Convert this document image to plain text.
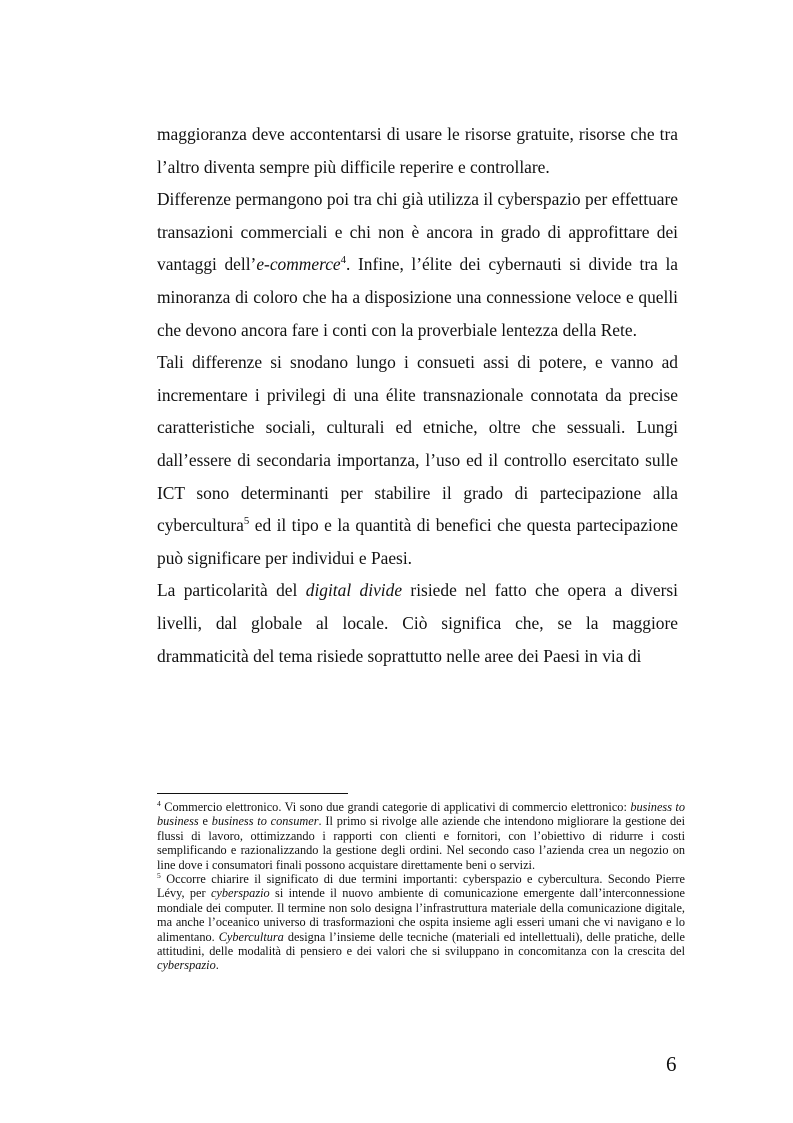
maggioranza deve accontentarsi di usare le risorse gratuite, risorse che tra l’altro diventa sempre più difficile reperire e controllare.

Differenze permangono poi tra chi già utilizza il cyberspazio per effettuare transazioni commerciali e chi non è ancora in grado di approfittare dei vantaggi dell’e-commerce$^4$. Infine, l’élite dei cybernauti si divide tra la minoranza di coloro che ha a disposizione una connessione veloce e quelli che devono ancora fare i conti con la proverbiale lentezza della Rete.

Tali differenze si snodano lungo i consueti assi di potere, e vanno ad incrementare i privilegi di una élite transnazionale connotata da precise caratteristiche sociali, culturali ed etniche, oltre che sessuali. Lungi dall’essere di secondaria importanza, l’uso ed il controllo esercitato sulle ICT sono determinanti per stabilire il grado di partecipazione alla cybercultura$^5$ ed il tipo e la quantità di benefici che questa partecipazione può significare per individui e Paesi.

La particolarità del digital divide risiede nel fatto che opera a diversi livelli, dal globale al locale. Ciò significa che, se la maggiore drammaticità del tema risiede soprattutto nelle aree dei Paesi in via di

$^4$ Commercio elettronico. Vi sono due grandi categorie di applicativi di commercio elettronico: business to business e business to consumer. Il primo si rivolge alle aziende che intendono migliorare la gestione dei flussi di lavoro, ottimizzando i rapporti con clienti e fornitori, con l’obiettivo di ridurre i costi semplificando e razionalizzando la gestione degli ordini. Nel secondo caso l’azienda crea un negozio on line dove i consumatori finali possono acquistare direttamente beni o servizi.

$^5$ Occorre chiarire il significato di due termini importanti: cyberspazio e cybercultura. Secondo Pierre Lévy, per cyberspazio si intende il nuovo ambiente di comunicazione emergente dall’interconnessione mondiale dei computer. Il termine non solo designa l’infrastruttura materiale della comunicazione digitale, ma anche l’oceanico universo di trasformazioni che ospita insieme agli esseri umani che vi navigano e lo alimentano. Cybercultura designa l’insieme delle tecniche (materiali ed intellettuali), delle pratiche, delle attitudini, delle modalità di pensiero e dei valori che si sviluppano in concomitanza con la crescita del cyberspazio.

6
